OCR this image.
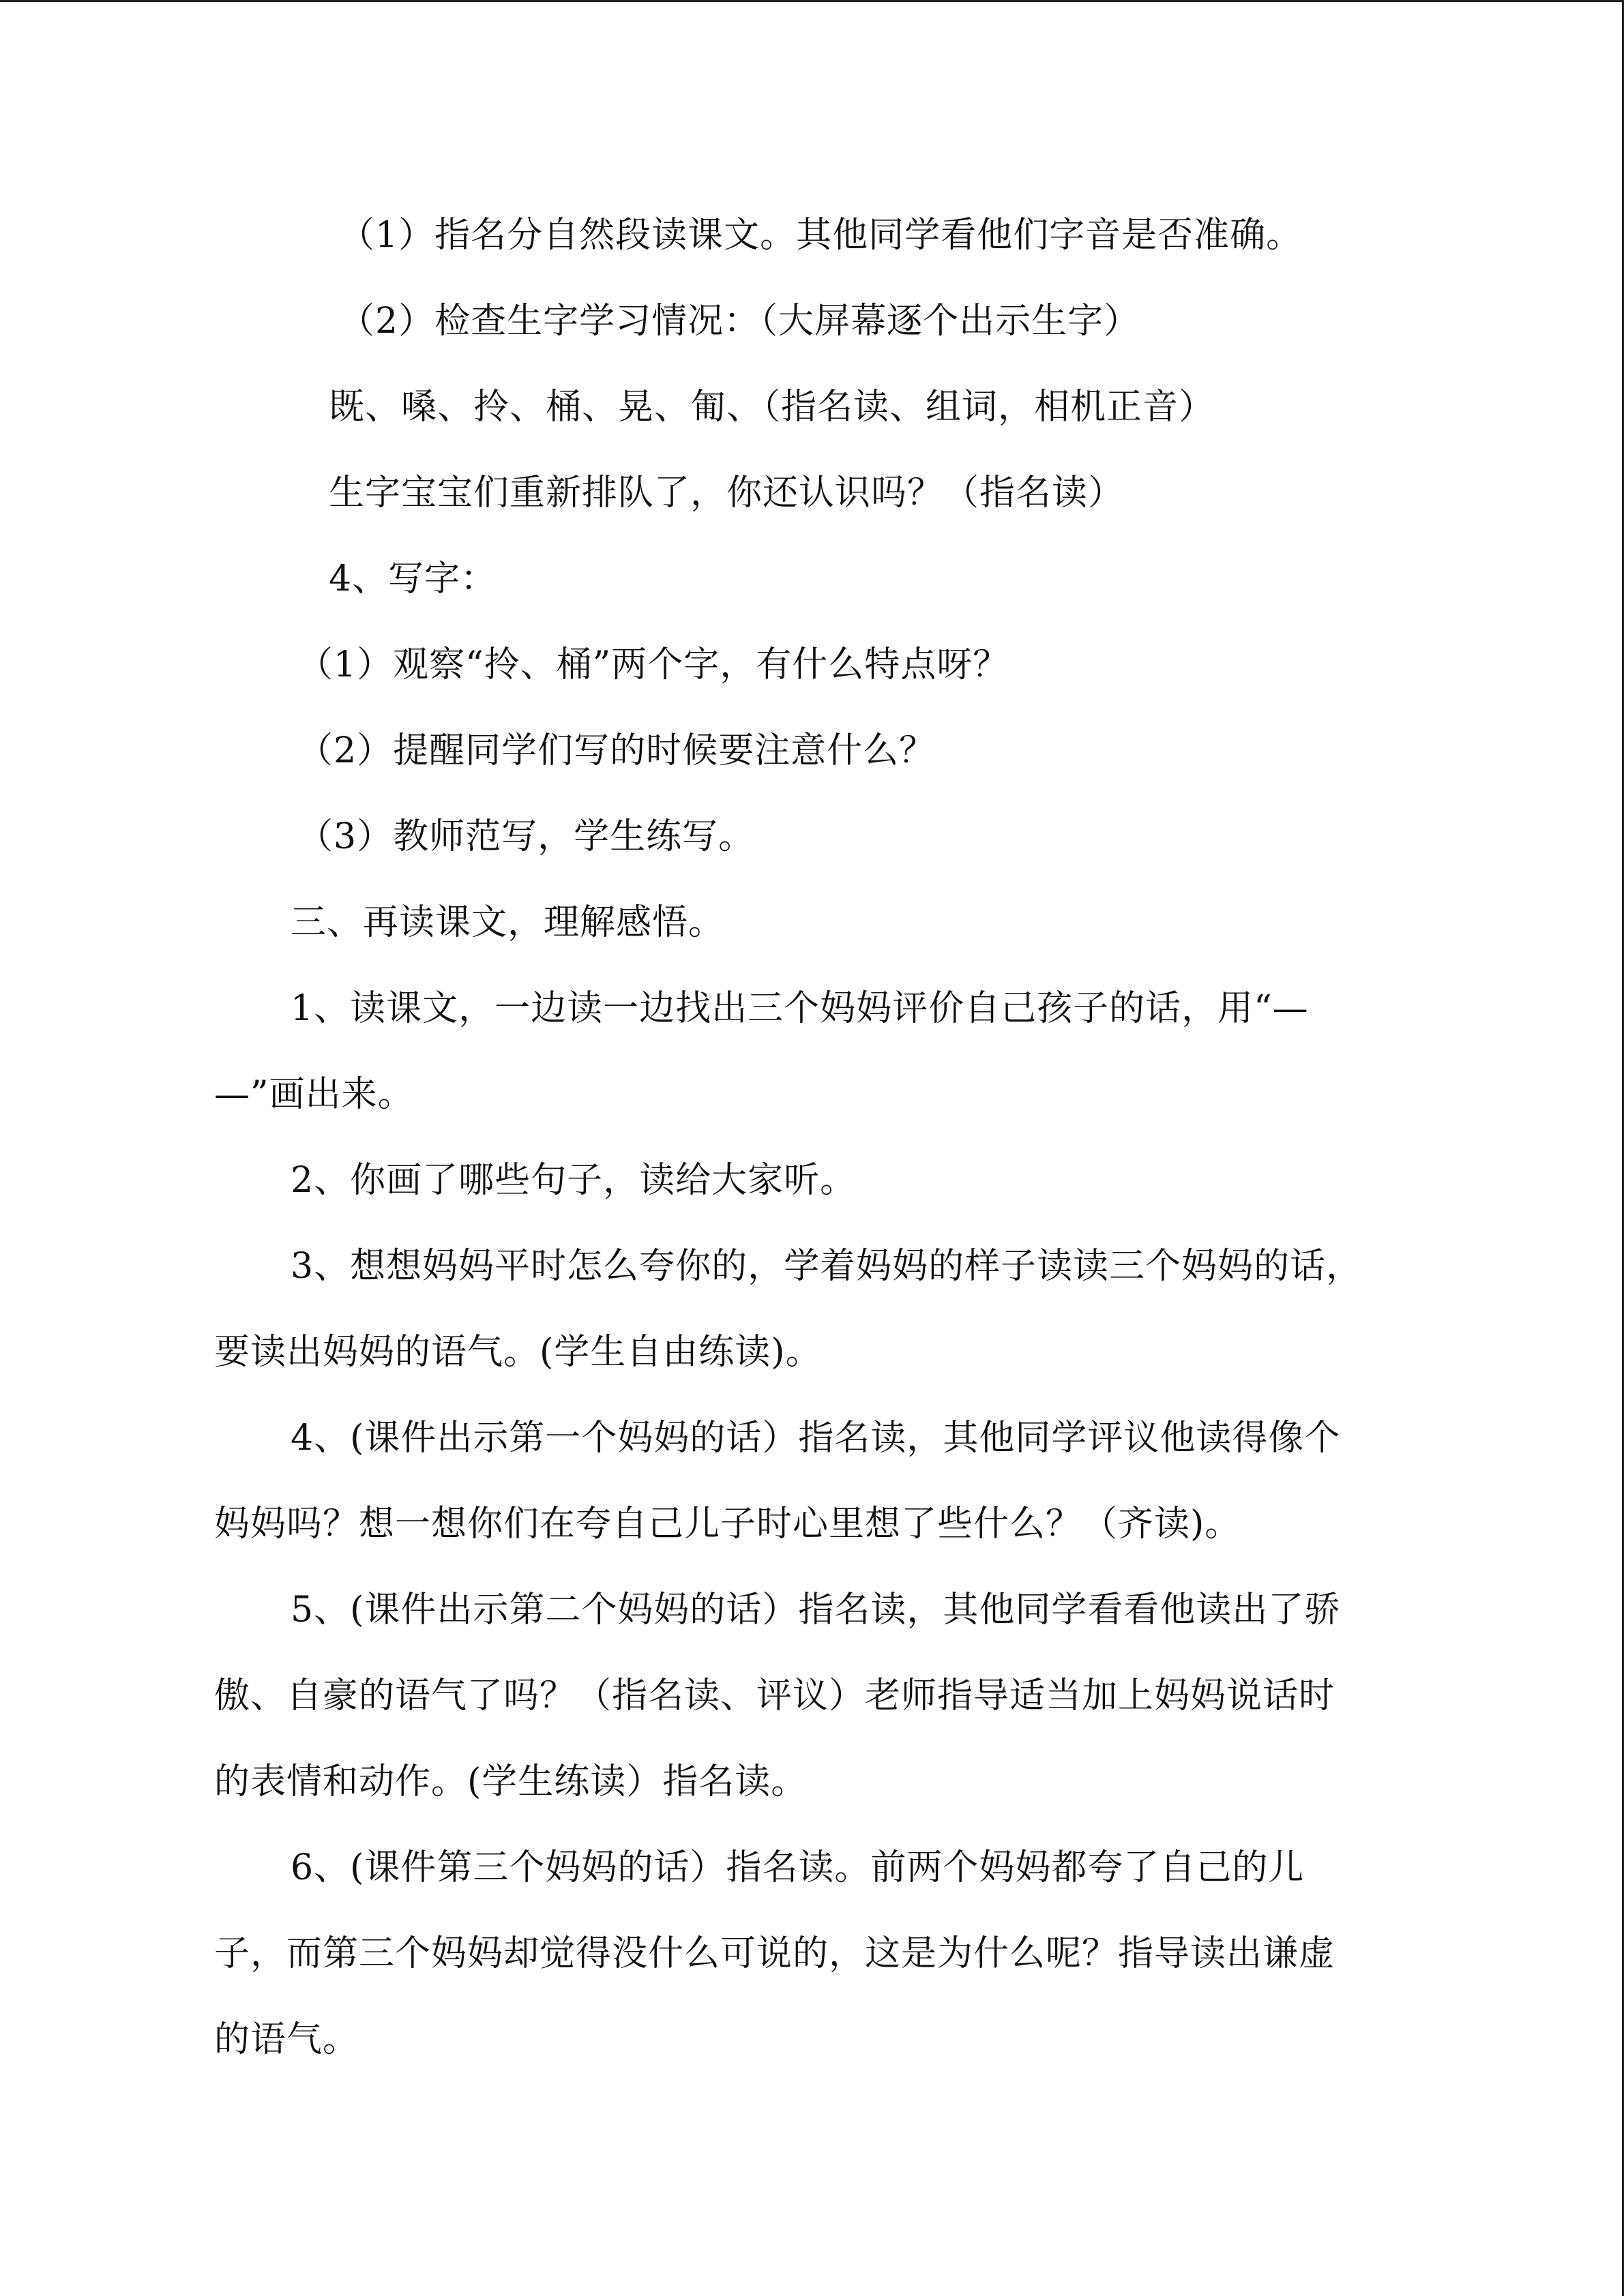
（1）指名分自然段读课文。其他同学看他们字音是否准确。
（2）检查生字学习情况：（大屏幕逐个出示生字）
既、嗓、拎、桶、晃、匍、（指名读、组词，相机正音）
生字宝宝们重新排队了，你还认识吗？（指名读）
4、写字：
（1）观察“拎、桶”两个字，有什么特点呀？
（2）提醒同学们写的时候要注意什么？
（3）教师范写，学生练写。
三、再读课文，理解感悟。
1、读课文，一边读一边找出三个妈妈评价自己孩子的话，用“—
—”画出来。
2、你画了哪些句子，读给大家听。
3、想想妈妈平时怎么夸你的，学着妈妈的样子读读三个妈妈的话，
要读出妈妈的语气。(学生自由练读)。
4、(课件出示第一个妈妈的话）指名读，其他同学评议他读得像个
妈妈吗？想一想你们在夸自己儿子时心里想了些什么？（齐读)。
5、(课件出示第二个妈妈的话）指名读，其他同学看看他读出了骄
傲、自豪的语气了吗？（指名读、评议）老师指导适当加上妈妈说话时
的表情和动作。(学生练读）指名读。
6、(课件第三个妈妈的话）指名读。前两个妈妈都夸了自己的儿
子，而第三个妈妈却觉得没什么可说的，这是为什么呢？指导读出谦虚
的语气。
